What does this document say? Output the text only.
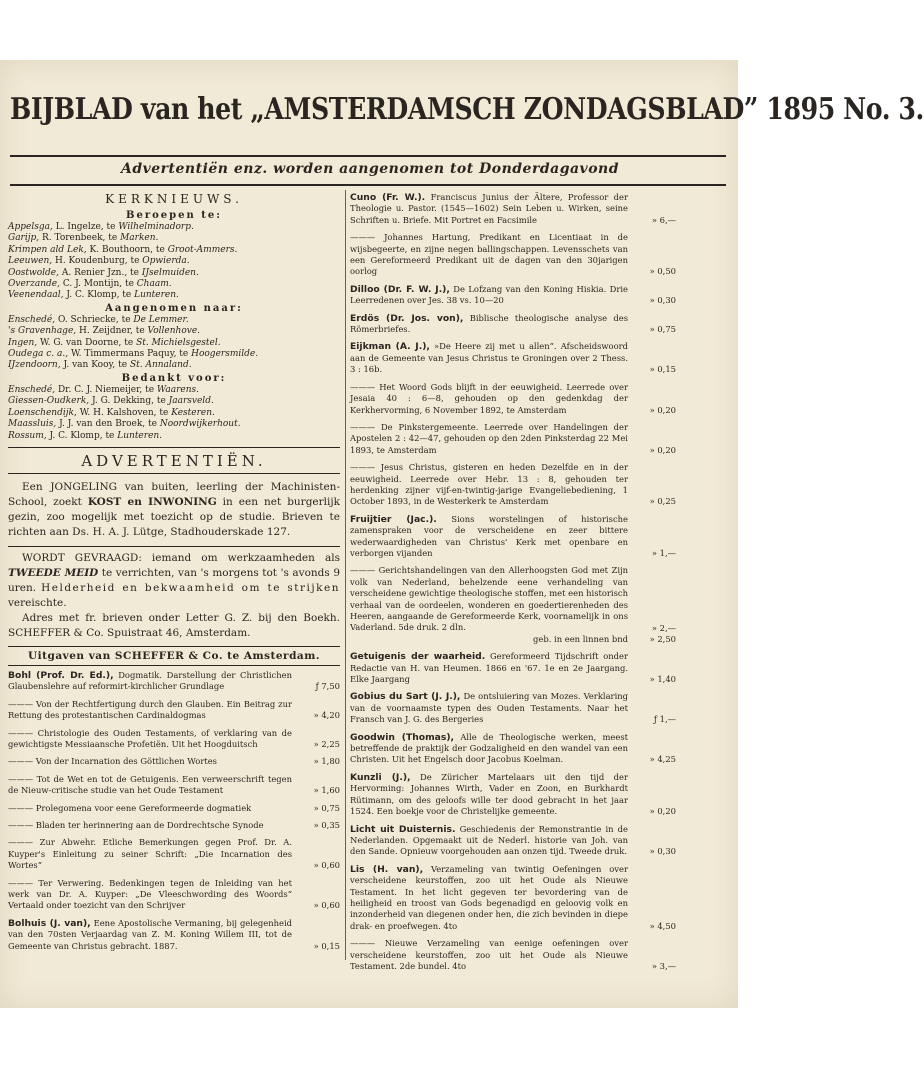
BIJBLAD van het „AMSTERDAMSCH ZONDAGSBLAD” 1895 No. 3.
Advertentiën enz. worden aangenomen tot Donderdagavond
KERKNIEUWS.
Beroepen te:
Appelsga, L. Ingelze, te Wilhelminadorp.
Garijp, R. Torenbeek, te Marken.
Krimpen ald Lek, K. Bouthoorn, te Groot-Ammers.
Leeuwen, H. Koudenburg, te Opwierda.
Oostwolde, A. Renier Jzn., te IJselmuiden.
Overzande, C. J. Montijn, te Chaam.
Veenendaal, J. C. Klomp, te Lunteren.
Aangenomen naar:
Enschedé, O. Schriecke, te De Lemmer.
's Gravenhage, H. Zeijdner, te Vollenhove.
Ingen, W. G. van Doorne, te St. Michielsgestel.
Oudega c. a., W. Timmermans Paquy, te Hoogersmilde.
IJzendoorn, J. van Kooy, te St. Annaland.
Bedankt voor:
Enschedé, Dr. C. J. Niemeijer, te Waarens.
Giessen-Oudkerk, J. G. Dekking, te Jaarsveld.
Loenschendijk, W. H. Kalshoven, te Kesteren.
Maassluis, J. J. van den Broek, te Noordwijkerhout.
Rossum, J. C. Klomp, te Lunteren.
ADVERTENTIËN.
Een JONGELING van buiten, leerling der Machinisten-School, zoekt KOST en INWONING in een net burgerlijk gezin, zoo mogelijk met toezicht op de studie. Brieven te richten aan Ds. H. A. J. Lütge, Stadhouderskade 127.
WORDT GEVRAAGD: iemand om werkzaamheden als TWEEDE MEID te verrichten, van 's morgens tot 's avonds 9 uren. Helderheid en bekwaamheid om te strijken vereischte.
Adres met fr. brieven onder Letter G. Z. bij den Boekh. SCHEFFER & Co. Spuistraat 46, Amsterdam.
Uitgaven van SCHEFFER & Co. te Amsterdam.
Bohl (Prof. Dr. Ed.), Dogmatik. Darstellung der Christlichen Glaubenslehre auf reformirt-kirchlicher Grundlage	ƒ 7,50
——— Von der Rechtfertigung durch den Glauben. Ein Beitrag zur Rettung des protestantischen Cardinaldogmas	» 4,20
——— Christologie des Ouden Testaments, of verklaring van de gewichtigste Messiaansche Profetiën. Uit het Hoogduitsch	» 2,25
——— Von der Incarnation des Göttlichen Wortes	» 1,80
——— Tot de Wet en tot de Getuigenis. Een verweerschrift tegen de Nieuw-critische studie van het Oude Testament	» 1,60
——— Prolegomena voor eene Gereformeerde dogmatiek	» 0,75
——— Bladen ter herinnering aan de Dordrechtsche Synode	» 0,35
——— Zur Abwehr. Etliche Bemerkungen gegen Prof. Dr. A. Kuyper's Einleitung zu seiner Schrift: „Die Incarnation des Wortes”	» 0,60
——— Ter Verwering. Bedenkingen tegen de Inleiding van het werk van Dr. A. Kuyper: „De Vleeschwording des Woords” Vertaald onder toezicht van den Schrijver	» 0,60
Bolhuis (J. van), Eene Apostolische Vermaning, bij gelegenheid van den 70sten Verjaardag van Z. M. Koning Willem III, tot de Gemeente van Christus gebracht. 1887.	» 0,15
Cuno (Fr. W.). Franciscus Junius der Ältere, Professor der Theologie u. Pastor. (1545—1602) Sein Leben u. Wirken, seine Schriften u. Briefe. Mit Portret en Facsimile	» 6,—
——— Johannes Hartung, Predikant en Licentiaat in de wijsbegeerte, en zijne negen ballingschappen. Levensschets van een Gereformeerd Predikant uit de dagen van den 30jarigen oorlog	» 0,50
Dilloo (Dr. F. W. J.), De Lofzang van den Koning Hiskia. Drie Leerredenen over Jes. 38 vs. 10—20	» 0,30
Erdös (Dr. Jos. von), Biblische theologische analyse des Römerbriefes.	» 0,75
Eijkman (A. J.), »De Heere zij met u allen”. Afscheidswoord aan de Gemeente van Jesus Christus te Groningen over 2 Thess. 3 : 16b.	» 0,15
——— Het Woord Gods blijft in der eeuwigheid. Leerrede over Jesaia 40 : 6—8, gehouden op den gedenkdag der Kerkhervorming, 6 November 1892, te Amsterdam	» 0,20
——— De Pinkstergemeente. Leerrede over Handelingen der Apostelen 2 : 42—47, gehouden op den 2den Pinksterdag 22 Mei 1893, te Amsterdam	» 0,20
——— Jesus Christus, gisteren en heden Dezelfde en in der eeuwigheid. Leerrede over Hebr. 13 : 8, gehouden ter herdenking zijner vijf-en-twintig-jarige Evangeliebediening, 1 October 1893, in de Westerkerk te Amsterdam	» 0,25
Fruijtier (Jac.). Sions worstelingen of historische zamenspraken voor de verscheidene en zeer bittere wederwaardigheden van Christus' Kerk met openbare en verborgen vijanden	» 1,—
——— Gerichtshandelingen van den Allerhoogsten God met Zijn volk van Nederland, behelzende eene verhandeling van verscheidene gewichtige theologische stoffen, met een historisch verhaal van de oordeelen, wonderen en goedertierenheden des Heeren, aangaande de Gereformeerde Kerk, voornamelijk in ons Vaderland. 5de druk. 2 dln.	» 2,—
geb. in een linnen bnd	» 2,50
Getuigenis der waarheid. Gereformeerd Tijdschrift onder Redactie van H. van Heumen. 1866 en '67. 1e en 2e Jaargang. Elke Jaargang	» 1,40
Gobius du Sart (J. J.), De ontsluiering van Mozes. Verklaring van de voornaamste typen des Ouden Testaments. Naar het Fransch van J. G. des Bergeries	ƒ 1,—
Goodwin (Thomas), Alle de Theologische werken, meest betreffende de praktijk der Godzaligheid en den wandel van een Christen. Uit het Engelsch door Jacobus Koelman.	» 4,25
Kunzli (J.), De Züricher Martelaars uit den tijd der Hervorming: Johannes Wirth, Vader en Zoon, en Burkhardt Rütimann, om des geloofs wille ter dood gebracht in het jaar 1524. Een boekje voor de Christelijke gemeente.	» 0,20
Licht uit Duisternis. Geschiedenis der Remonstrantie in de Nederlanden. Opgemaakt uit de Nederl. historie van Joh. van den Sande. Opnieuw voorgehouden aan onzen tijd. Tweede druk.	» 0,30
Lis (H. van), Verzameling van twintig Oefeningen over verscheidene keurstoffen, zoo uit het Oude als Nieuwe Testament. In het licht gegeven ter bevordering van de heiligheid en troost van Gods begenadigd en geloovig volk en inzonderheid van diegenen onder hen, die zich bevinden in diepe drak- en proefwegen. 4to	» 4,50
——— Nieuwe Verzameling van eenige oefeningen over verscheidene keurstoffen, zoo uit het Oude als Nieuwe Testament. 2de bundel. 4to	» 3,—
